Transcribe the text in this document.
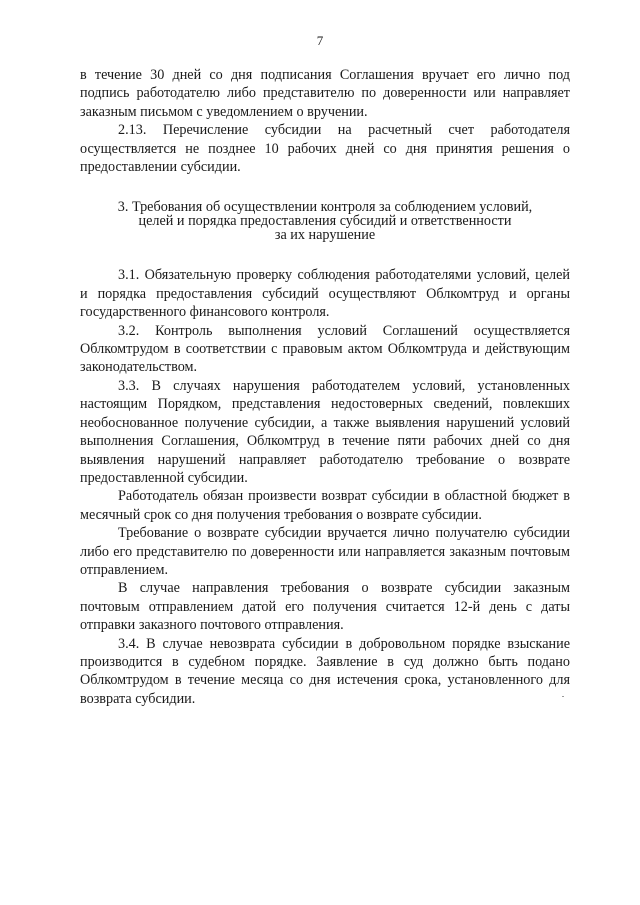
7

в течение 30 дней со дня подписания Соглашения вручает его лично под подпись работодателю либо представителю по доверенности или направляет заказным письмом с уведомлением о вручении.

2.13. Перечисление субсидии на расчетный счет работодателя осуществляется не позднее 10 рабочих дней со дня принятия решения о предоставлении субсидии.

3. Требования об осуществлении контроля за соблюдением условий,
целей и порядка предоставления субсидий и ответственности
за их нарушение

3.1. Обязательную проверку соблюдения работодателями условий, целей и порядка предоставления субсидий осуществляют Облкомтруд и органы государственного финансового контроля.

3.2. Контроль выполнения условий Соглашений осуществляется Облкомтрудом в соответствии с правовым актом Облкомтруда и действующим законодательством.

3.3. В случаях нарушения работодателем условий, установленных настоящим Порядком, представления недостоверных сведений, повлекших необоснованное получение субсидии, а также выявления нарушений условий выполнения Соглашения, Облкомтруд в течение пяти рабочих дней со дня выявления нарушений направляет работодателю требование о возврате предоставленной субсидии.

Работодатель обязан произвести возврат субсидии в областной бюджет в месячный срок со дня получения требования о возврате субсидии.

Требование о возврате субсидии вручается лично получателю субсидии либо его представителю по доверенности или направляется заказным почтовым отправлением.

В случае направления требования о возврате субсидии заказным почтовым отправлением датой его получения считается 12-й день с даты отправки заказного почтового отправления.

3.4. В случае невозврата субсидии в добровольном порядке взыскание производится в судебном порядке. Заявление в суд должно быть подано Облкомтрудом в течение месяца со дня истечения срока, установленного для возврата субсидии.
